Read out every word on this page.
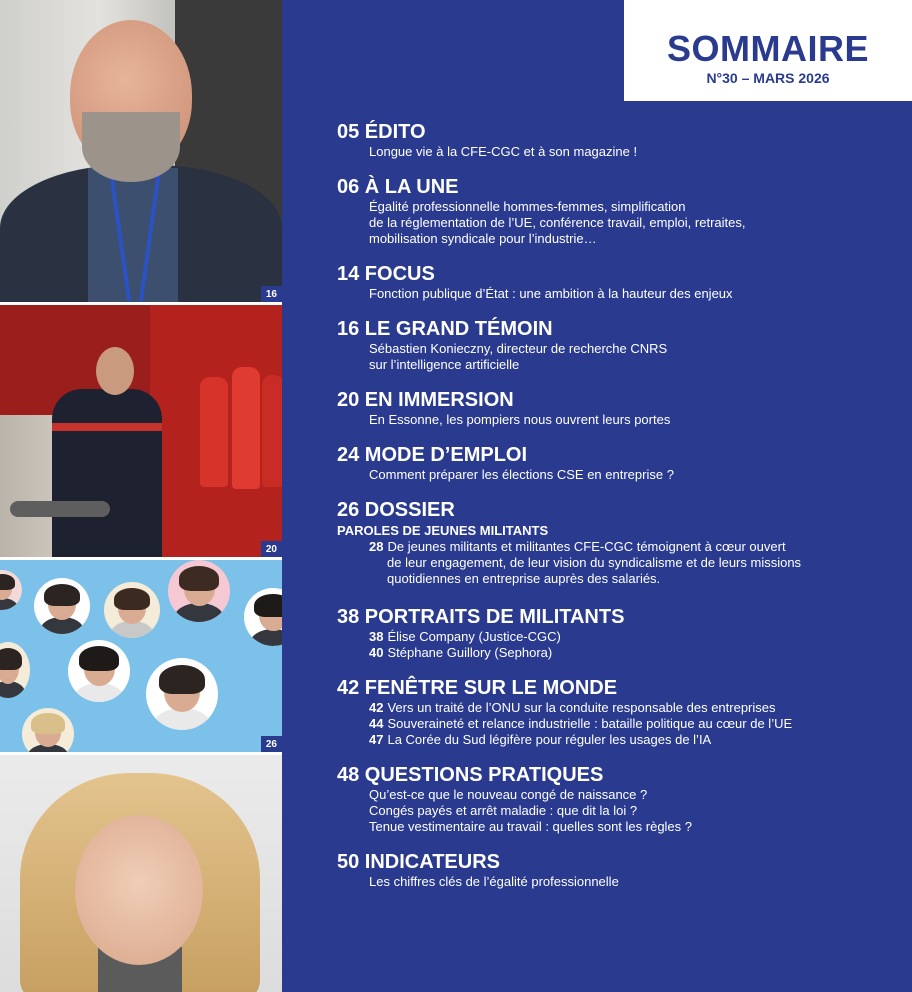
16
20
26
SOMMAIRE
N°30 – MARS 2026
05 ÉDITO
Longue vie à la CFE-CGC et à son magazine !
06 À LA UNE
Égalité professionnelle hommes-femmes, simplification
de la réglementation de l’UE, conférence travail, emploi, retraites,
mobilisation syndicale pour l’industrie…
14 FOCUS
Fonction publique d’État : une ambition à la hauteur des enjeux
16 LE GRAND TÉMOIN
Sébastien Konieczny, directeur de recherche CNRS
sur l’intelligence artificielle
20 EN IMMERSION
En Essonne, les pompiers nous ouvrent leurs portes
24 MODE D’EMPLOI
Comment préparer les élections CSE en entreprise ?
26 DOSSIER
PAROLES DE JEUNES MILITANTS
28 De jeunes militants et militantes CFE-CGC témoignent à cœur ouvert
de leur engagement, de leur vision du syndicalisme et de leurs missions
quotidiennes en entreprise auprès des salariés.
38 PORTRAITS DE MILITANTS
38 Élise Company (Justice-CGC)
40 Stéphane Guillory (Sephora)
42 FENÊTRE SUR LE MONDE
42 Vers un traité de l’ONU sur la conduite responsable des entreprises
44 Souveraineté et relance industrielle : bataille politique au cœur de l’UE
47 La Corée du Sud légifère pour réguler les usages de l’IA
48 QUESTIONS PRATIQUES
Qu’est-ce que le nouveau congé de naissance ?
Congés payés et arrêt maladie : que dit la loi ?
Tenue vestimentaire au travail : quelles sont les règles ?
50 INDICATEURS
Les chiffres clés de l’égalité professionnelle
